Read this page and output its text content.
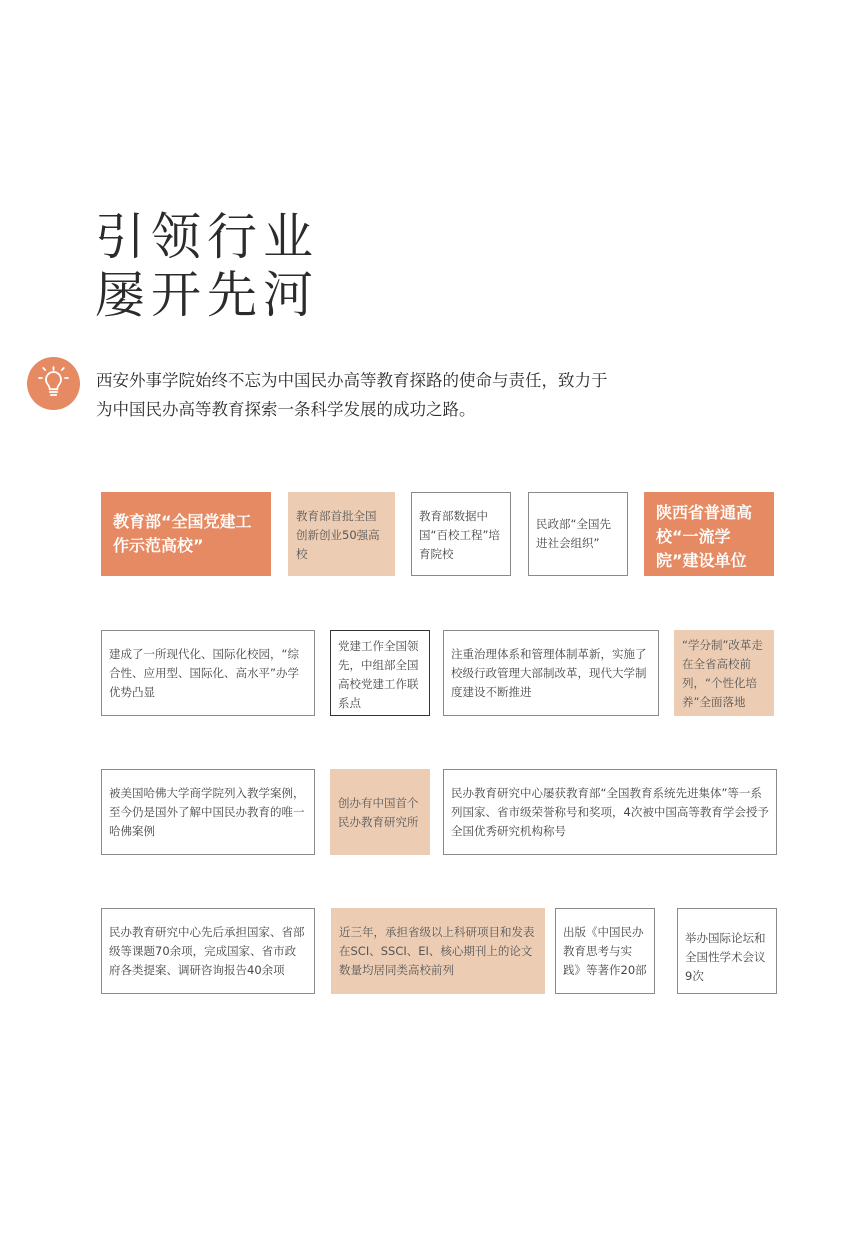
引领行业
屡开先河
西安外事学院始终不忘为中国民办高等教育探路的使命与责任，致力于
为中国民办高等教育探索一条科学发展的成功之路。
教育部“全国党建工作示范高校”
教育部首批全国创新创业50强高校
教育部数据中国“百校工程”培育院校
民政部“全国先进社会组织”
陕西省普通高校“一流学院”建设单位
建成了一所现代化、国际化校园，“综合性、应用型、国际化、高水平”办学优势凸显
党建工作全国领先，中组部全国高校党建工作联系点
注重治理体系和管理体制革新，实施了校级行政管理大部制改革，现代大学制度建设不断推进
“学分制”改革走在全省高校前列，“个性化培养”全面落地
被美国哈佛大学商学院列入教学案例，至今仍是国外了解中国民办教育的唯一哈佛案例
创办有中国首个民办教育研究所
民办教育研究中心屡获教育部“全国教育系统先进集体”等一系列国家、省市级荣誉称号和奖项，4次被中国高等教育学会授予全国优秀研究机构称号
民办教育研究中心先后承担国家、省部级等课题70余项，完成国家、省市政府各类提案、调研咨询报告40余项
近三年，承担省级以上科研项目和发表在SCI、SSCI、EI、核心期刊上的论文数量均居同类高校前列
出版《中国民办教育思考与实践》等著作20部
举办国际论坛和全国性学术会议9次
